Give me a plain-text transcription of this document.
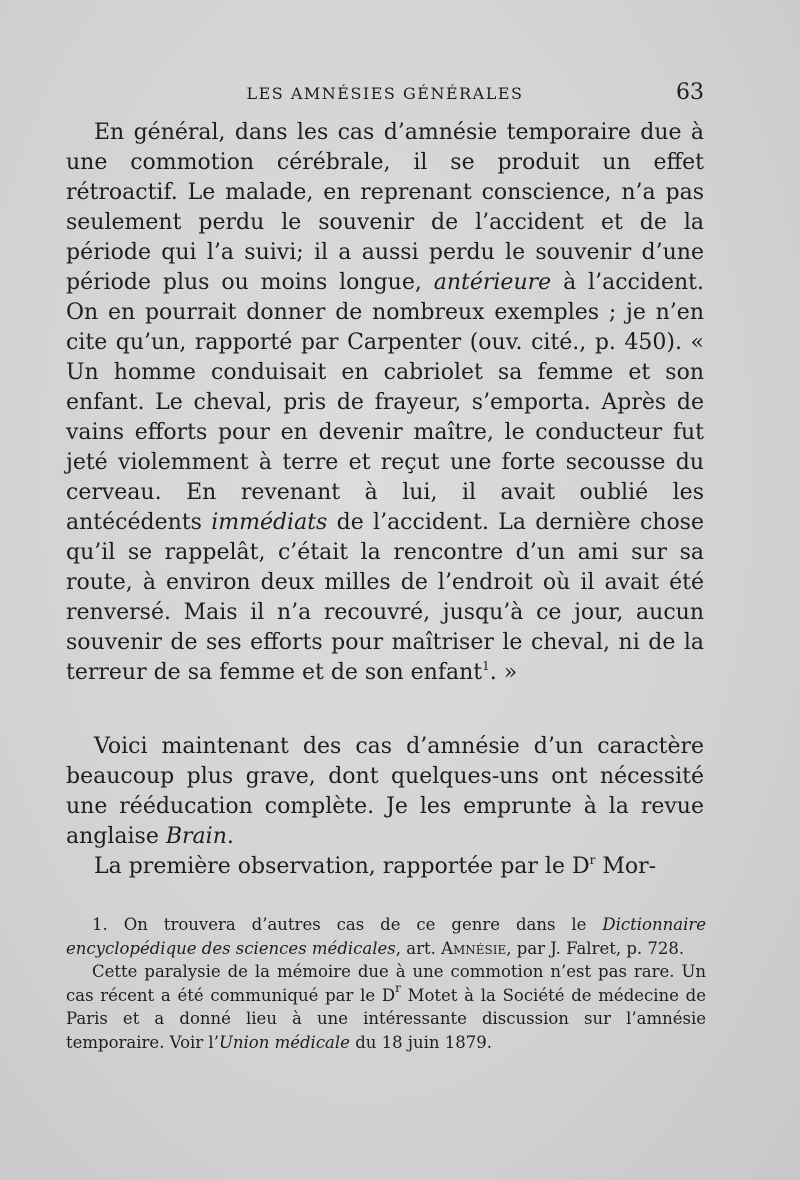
LES AMNÉSIES GÉNÉRALES	63

En général, dans les cas d’amnésie temporaire due à une commotion cérébrale, il se produit un effet rétroactif. Le malade, en reprenant conscience, n’a pas seulement perdu le souvenir de l’accident et de la période qui l’a suivi; il a aussi perdu le souvenir d’une période plus ou moins longue, antérieure à l’accident. On en pourrait donner de nombreux exemples ; je n’en cite qu’un, rapporté par Carpenter (ouv. cité., p. 450). « Un homme conduisait en cabriolet sa femme et son enfant. Le cheval, pris de frayeur, s’emporta. Après de vains efforts pour en devenir maître, le conducteur fut jeté violemment à terre et reçut une forte secousse du cerveau. En revenant à lui, il avait oublié les antécédents immédiats de l’accident. La dernière chose qu’il se rappelât, c’était la rencontre d’un ami sur sa route, à environ deux milles de l’endroit où il avait été renversé. Mais il n’a recouvré, jusqu’à ce jour, aucun souvenir de ses efforts pour maîtriser le cheval, ni de la terreur de sa femme et de son enfant$^1$. »

Voici maintenant des cas d’amnésie d’un caractère beaucoup plus grave, dont quelques-uns ont nécessité une rééducation complète. Je les emprunte à la revue anglaise Brain.

La première observation, rapportée par le $D^r$ Mor-

1. On trouvera d’autres cas de ce genre dans le Dictionnaire encyclopédique des sciences médicales, art. Amnésie, par J. Falret, p. 728.

Cette paralysie de la mémoire due à une commotion n’est pas rare. Un cas récent a été communiqué par le $D^r$ Motet à la Société de médecine de Paris et a donné lieu à une intéressante discussion sur l’amnésie temporaire. Voir l’Union médicale du 18 juin 1879.
